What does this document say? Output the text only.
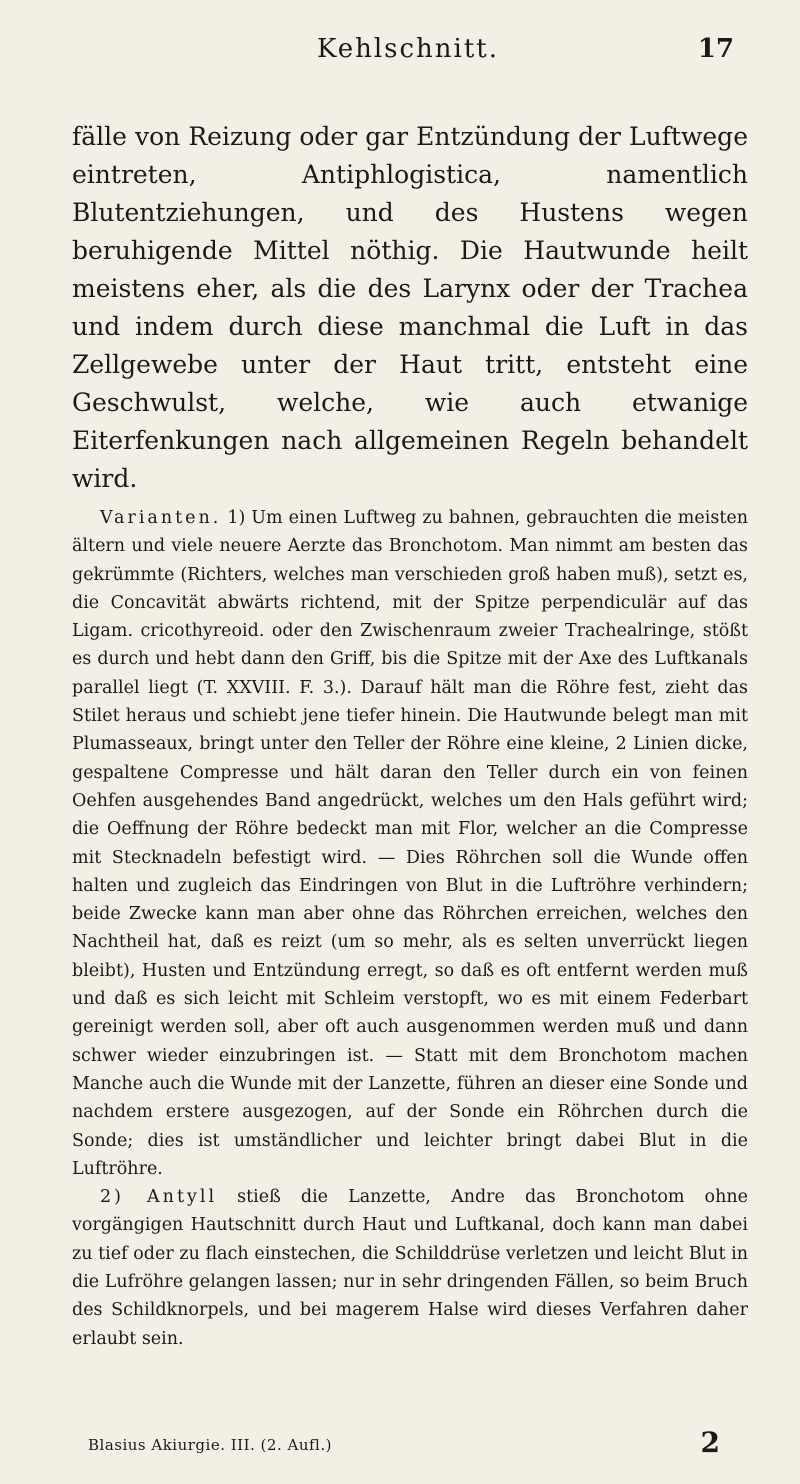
Kehlschnitt.	17

fälle von Reizung oder gar Entzündung der Luftwege eintreten, Antiphlogistica, namentlich Blutentziehungen, und des Hustens wegen beruhigende Mittel nöthig. Die Hautwunde heilt meistens eher, als die des Larynx oder der Trachea und indem durch diese manchmal die Luft in das Zellgewebe unter der Haut tritt, entsteht eine Geschwulst, welche, wie auch etwanige Eiterfenkungen nach allgemeinen Regeln behandelt wird.

Varianten. 1) Um einen Luftweg zu bahnen, gebrauchten die meisten ältern und viele neuere Aerzte das Bronchotom. Man nimmt am besten das gekrümmte (Richters, welches man verschieden groß haben muß), setzt es, die Concavität abwärts richtend, mit der Spitze perpendiculär auf das Ligam. cricothyreoid. oder den Zwischenraum zweier Trachealringe, stößt es durch und hebt dann den Griff, bis die Spitze mit der Axe des Luftkanals parallel liegt (T. XXVIII. F. 3.). Darauf hält man die Röhre fest, zieht das Stilet heraus und schiebt jene tiefer hinein. Die Hautwunde belegt man mit Plumasseaux, bringt unter den Teller der Röhre eine kleine, 2 Linien dicke, gespaltene Compresse und hält daran den Teller durch ein von feinen Oehfen ausgehendes Band angedrückt, welches um den Hals geführt wird; die Oeffnung der Röhre bedeckt man mit Flor, welcher an die Compresse mit Stecknadeln befestigt wird. — Dies Röhrchen soll die Wunde offen halten und zugleich das Eindringen von Blut in die Luftröhre verhindern; beide Zwecke kann man aber ohne das Röhrchen erreichen, welches den Nachtheil hat, daß es reizt (um so mehr, als es selten unverrückt liegen bleibt), Husten und Entzündung erregt, so daß es oft entfernt werden muß und daß es sich leicht mit Schleim verstopft, wo es mit einem Federbart gereinigt werden soll, aber oft auch ausgenommen werden muß und dann schwer wieder einzubringen ist. — Statt mit dem Bronchotom machen Manche auch die Wunde mit der Lanzette, führen an dieser eine Sonde und nachdem erstere ausgezogen, auf der Sonde ein Röhrchen durch die Sonde; dies ist umständlicher und leichter bringt dabei Blut in die Luftröhre.

2) Antyll stieß die Lanzette, Andre das Bronchotom ohne vorgängigen Hautschnitt durch Haut und Luftkanal, doch kann man dabei zu tief oder zu flach einstechen, die Schilddrüse verletzen und leicht Blut in die Lufröhre gelangen lassen; nur in sehr dringenden Fällen, so beim Bruch des Schildknorpels, und bei magerem Halse wird dieses Verfahren daher erlaubt sein.

Blasius Akiurgie. III. (2. Aufl.)	2
